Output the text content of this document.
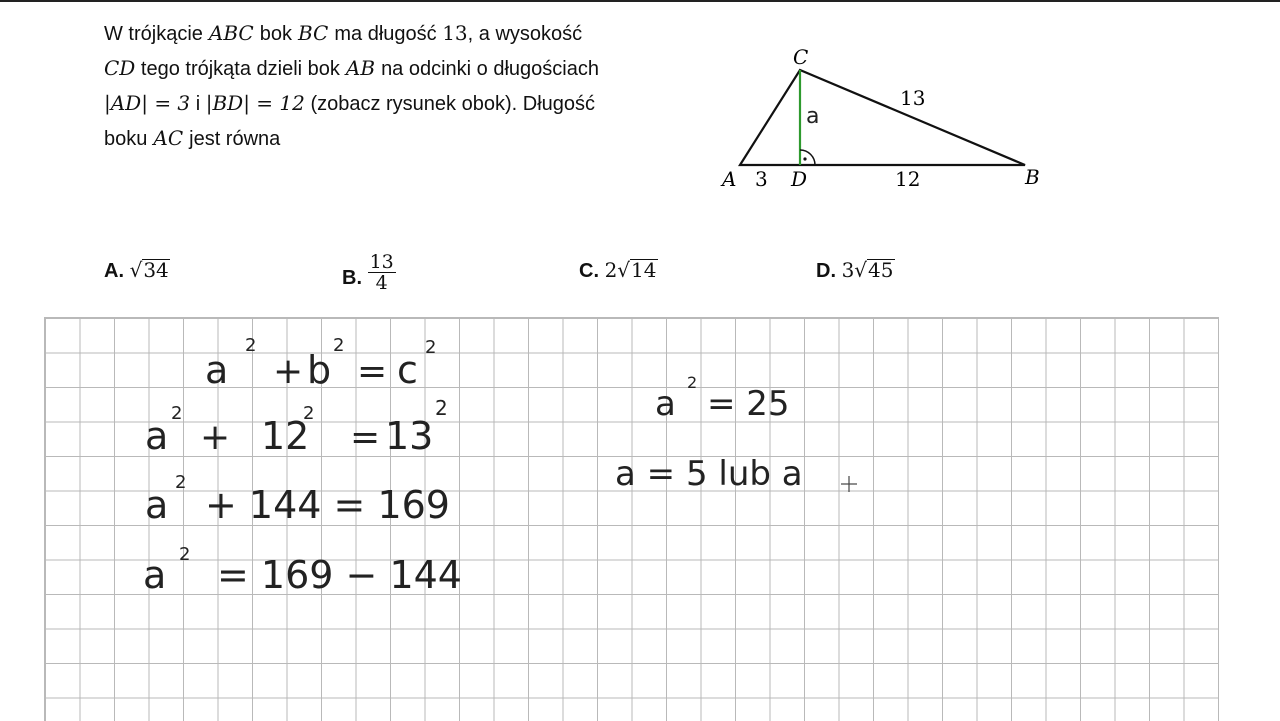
W trójkącie ABC bok BC ma długość 13, a wysokość
CD tego trójkąta dzieli bok AB na odcinki o długościach
|AD| = 3 i |BD| = 12 (zobacz rysunek obok). Długość
boku AC jest równa
C
A 3 D	12	B
13
a
A. √34	B. $\frac{13}{4}$	C. 2√14	D. 3√45
a
2
+ b
2
= c
2
a
2
+ 12
2
= 13
2
a
2
+ 144 = 169
a 2 = 169 − 144
a
2
= 25
a = 5 lub a
